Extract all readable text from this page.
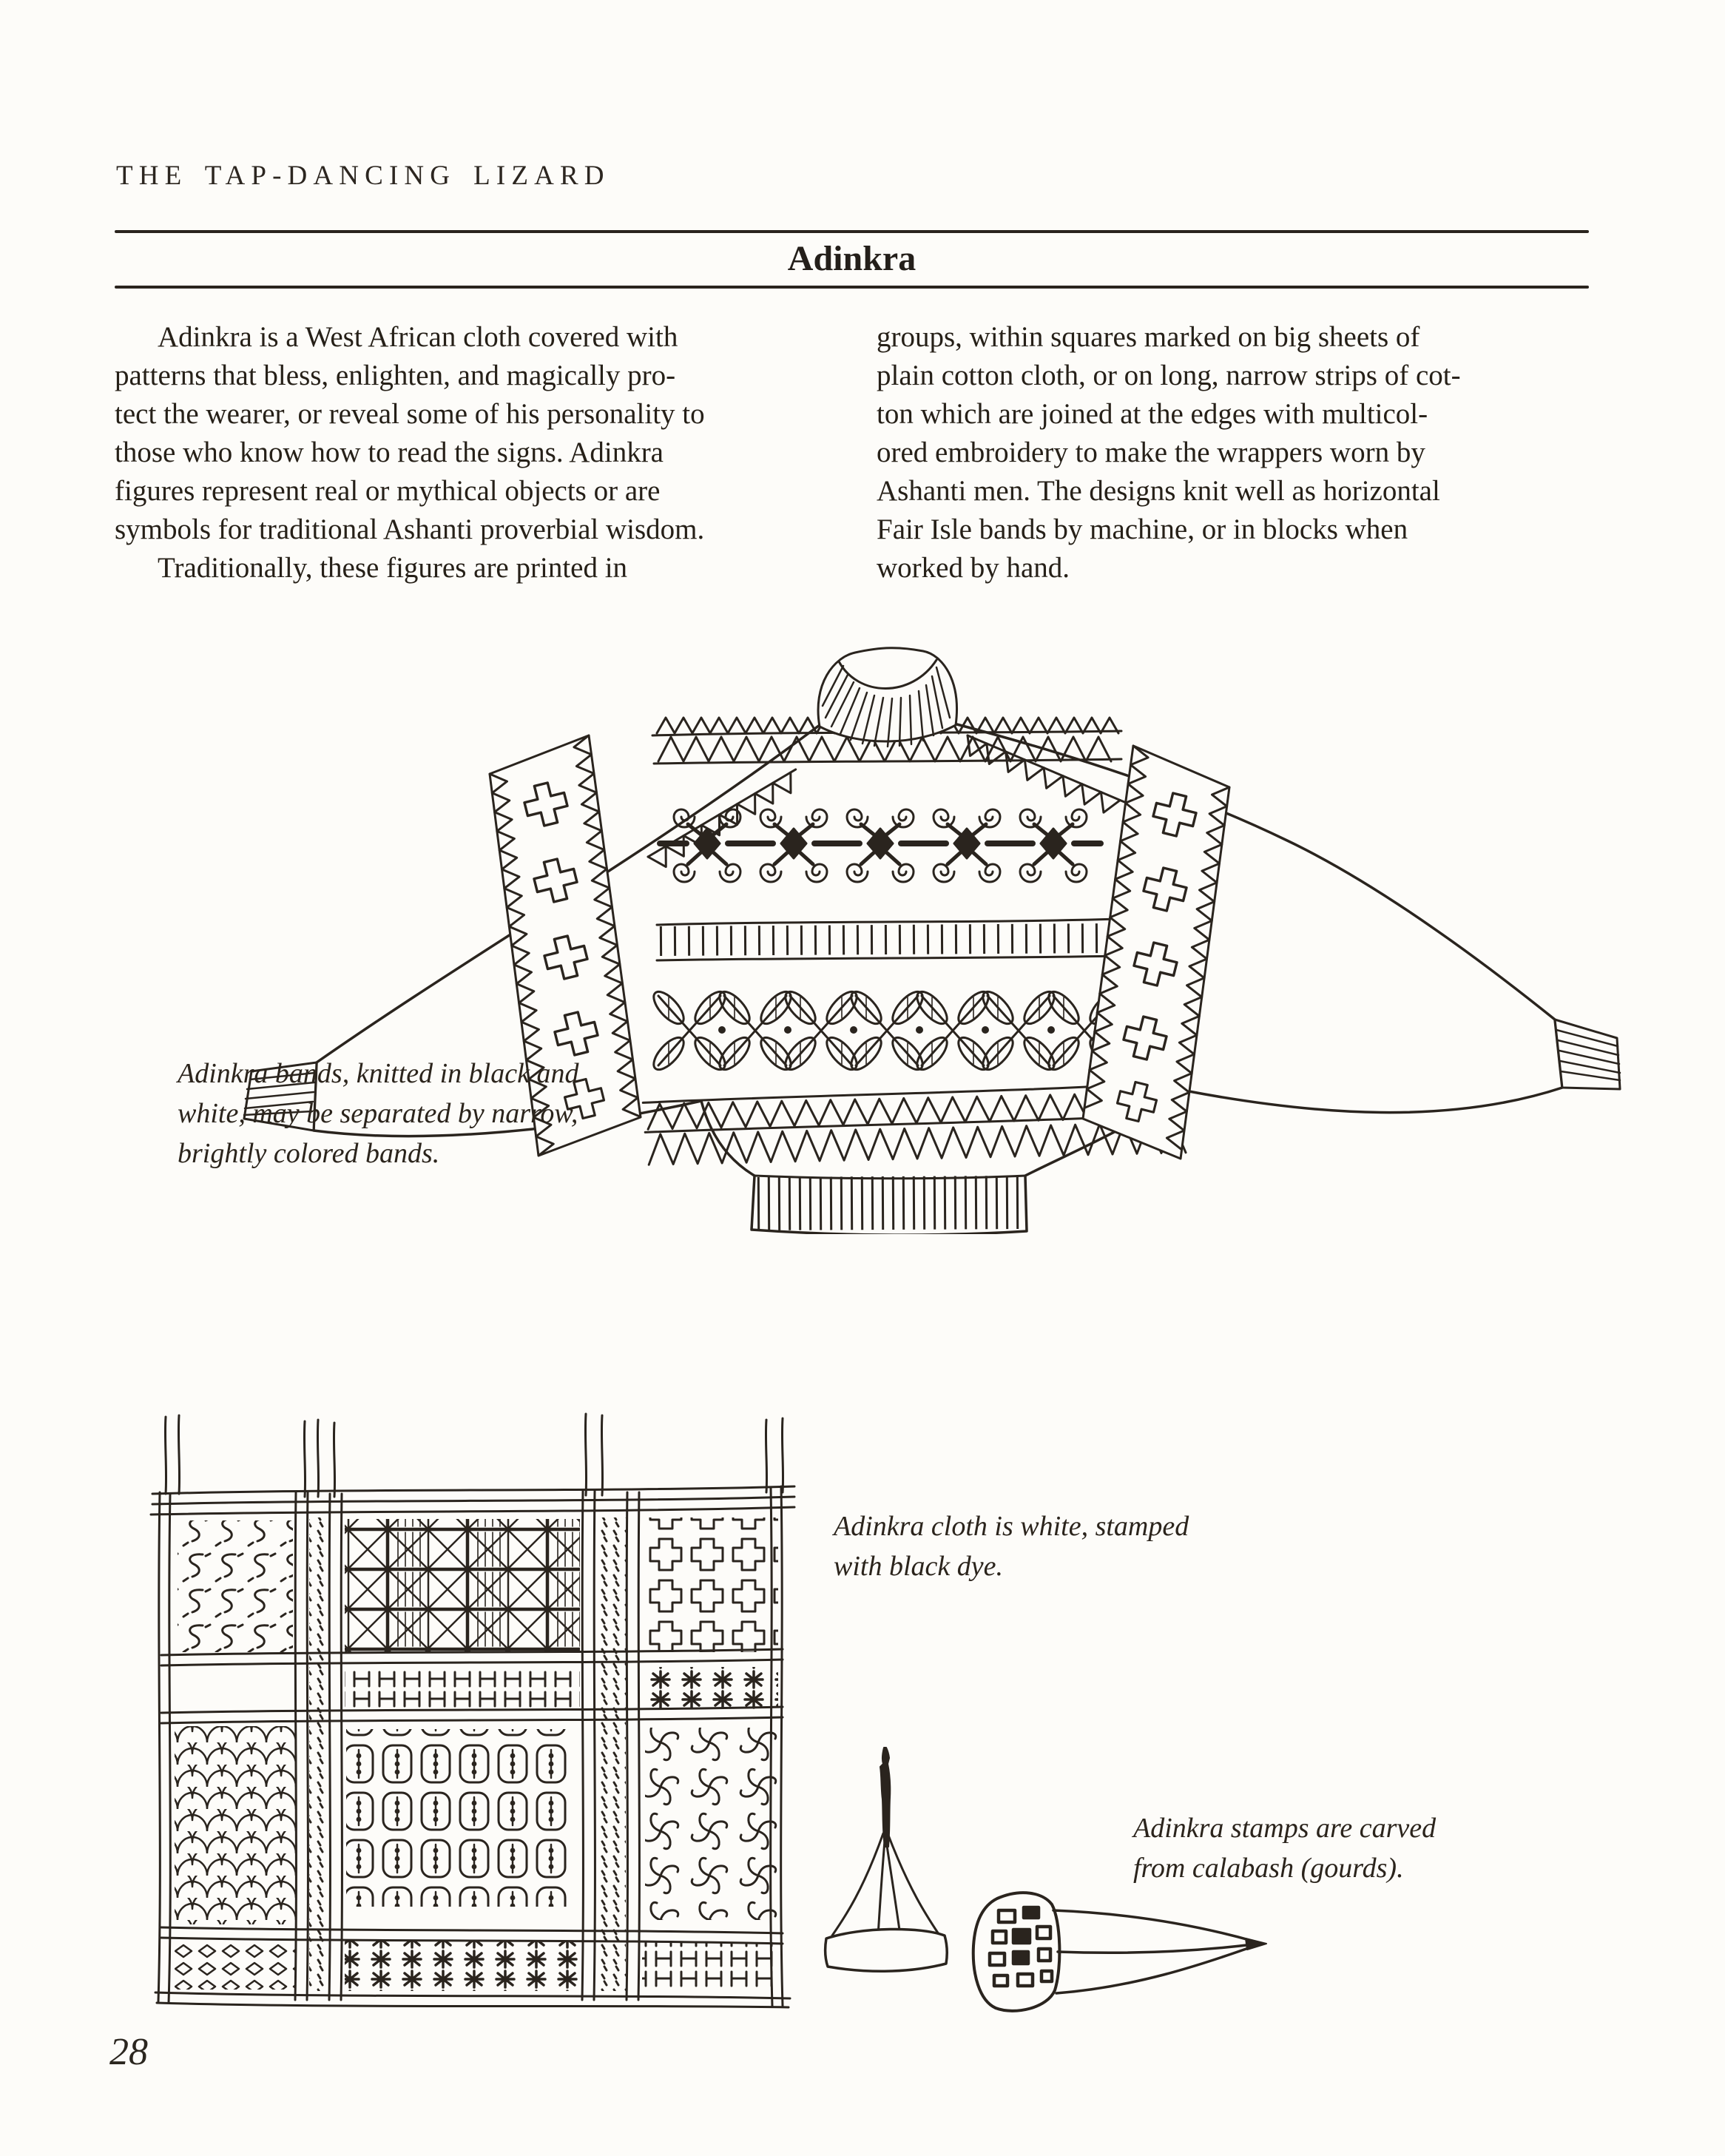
THE TAP-DANCING LIZARD
Adinkra
Adinkra is a West African cloth covered with
patterns that bless, enlighten, and magically pro-
tect the wearer, or reveal some of his personality to
those who know how to read the signs. Adinkra
figures represent real or mythical objects or are
symbols for traditional Ashanti proverbial wisdom.
Traditionally, these figures are printed in
groups, within squares marked on big sheets of
plain cotton cloth, or on long, narrow strips of cot-
ton which are joined at the edges with multicol-
ored embroidery to make the wrappers worn by
Ashanti men. The designs knit well as horizontal
Fair Isle bands by machine, or in blocks when
worked by hand.
Adinkra bands, knitted in black and
white, may be separated by narrow,
brightly colored bands.
Adinkra cloth is white, stamped
with black dye.
Adinkra stamps are carved
from calabash (gourds).
28
